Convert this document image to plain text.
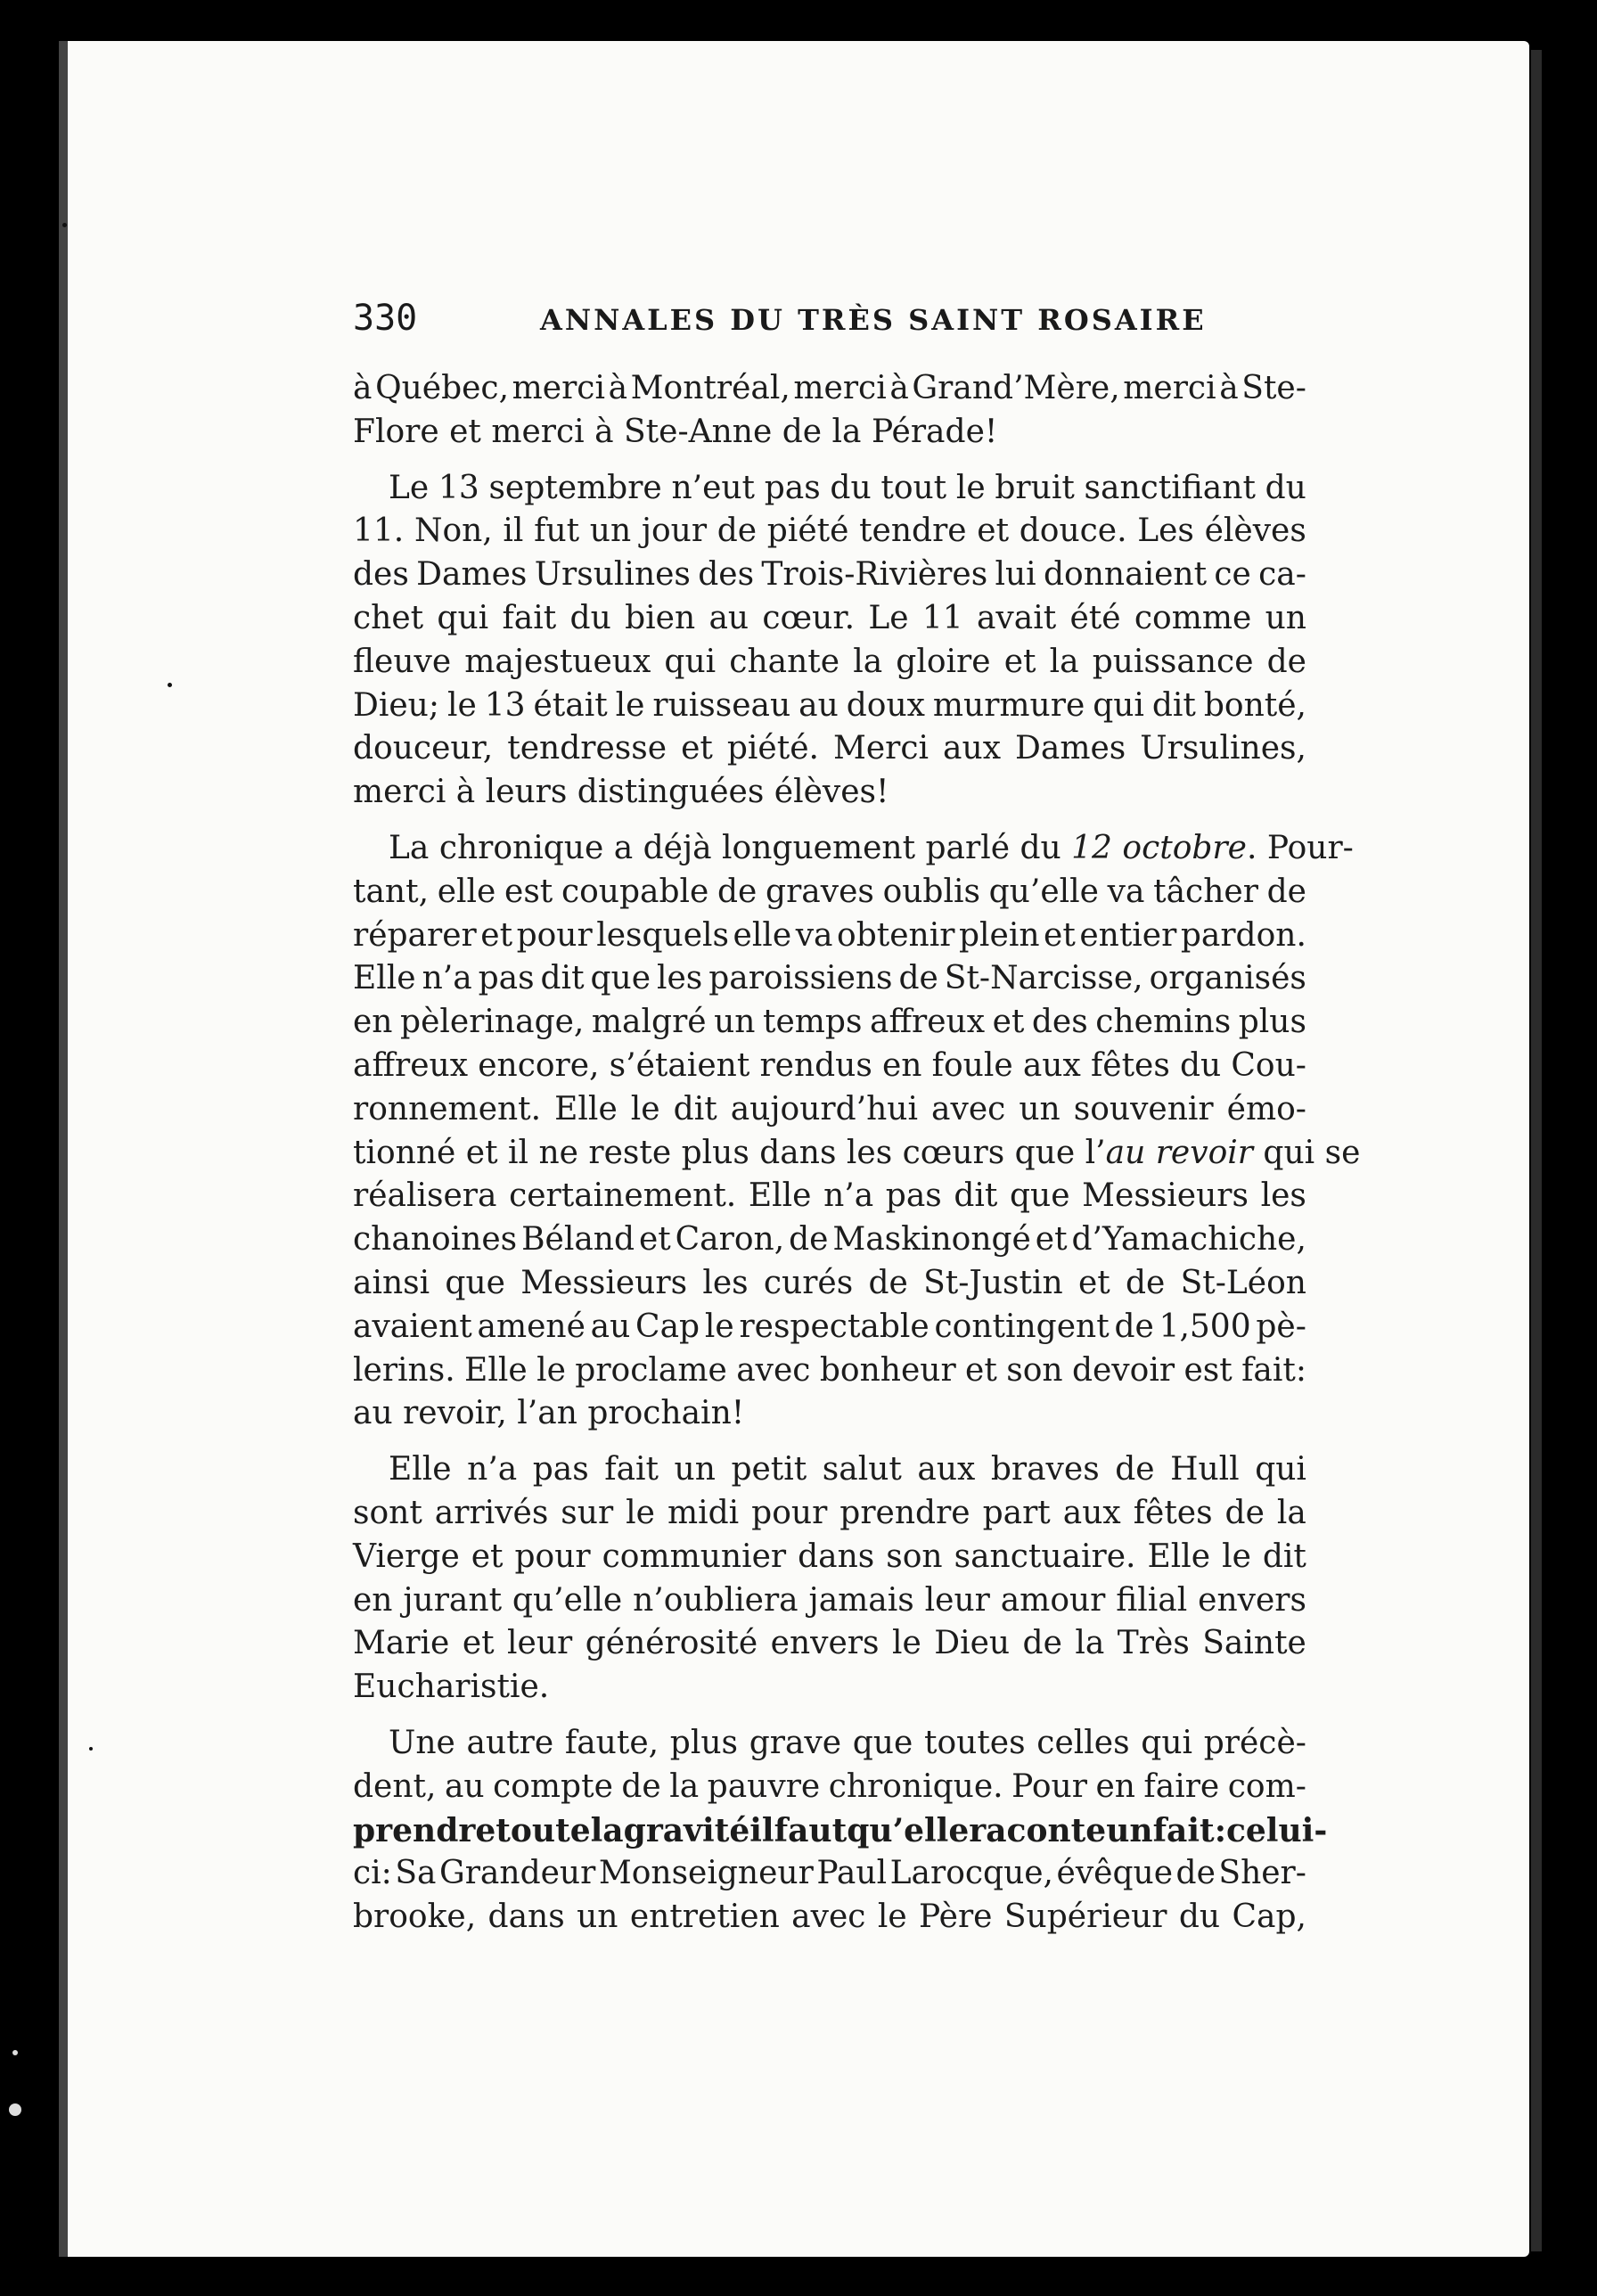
330	ANNALES DU TRÈS SAINT ROSAIRE
à Québec, merci à Montréal, merci à Grand’Mère, merci à Ste-
Flore et merci à Ste-Anne de la Pérade!
Le 13 septembre n’eut pas du tout le bruit sanctifiant du
11. Non, il fut un jour de piété tendre et douce. Les élèves
des Dames Ursulines des Trois-Rivières lui donnaient ce ca-
chet qui fait du bien au cœur. Le 11 avait été comme un
fleuve majestueux qui chante la gloire et la puissance de
Dieu; le 13 était le ruisseau au doux murmure qui dit bonté,
douceur, tendresse et piété. Merci aux Dames Ursulines,
merci à leurs distinguées élèves!
La chronique a déjà longuement parlé du
12 octobre . Pour-
tant, elle est coupable de graves oublis qu’elle va tâcher de
réparer et pour lesquels elle va obtenir plein et entier pardon.
Elle n’a pas dit que les paroissiens de St-Narcisse, organisés
en pèlerinage, malgré un temps affreux et des chemins plus
affreux encore, s’étaient rendus en foule aux fêtes du Cou-
ronnement. Elle le dit aujourd’hui avec un souvenir émo-
tionné et il ne reste plus dans les cœurs que l’ au revoir qui se
réalisera certainement. Elle n’a pas dit que Messieurs les
chanoines Béland et Caron, de Maskinongé et d’Yamachiche,
ainsi que Messieurs les curés de St-Justin et de St-Léon
avaient amené au Cap le respectable contingent de 1,500 pè-
lerins. Elle le proclame avec bonheur et son devoir est fait:
au revoir, l’an prochain!
Elle n’a pas fait un petit salut aux braves de Hull qui
sont arrivés sur le midi pour prendre part aux fêtes de la
Vierge et pour communier dans son sanctuaire. Elle le dit
en jurant qu’elle n’oubliera jamais leur amour filial envers
Marie et leur générosité envers le Dieu de la Très Sainte
Eucharistie.
Une autre faute, plus grave que toutes celles qui précè-
dent, au compte de la pauvre chronique. Pour en faire com-
prendre toute la gravité il faut qu’elle raconte un fait : celui-
ci: Sa Grandeur Monseigneur Paul Larocque, évêque de Sher-
brooke, dans un entretien avec le Père Supérieur du Cap,
